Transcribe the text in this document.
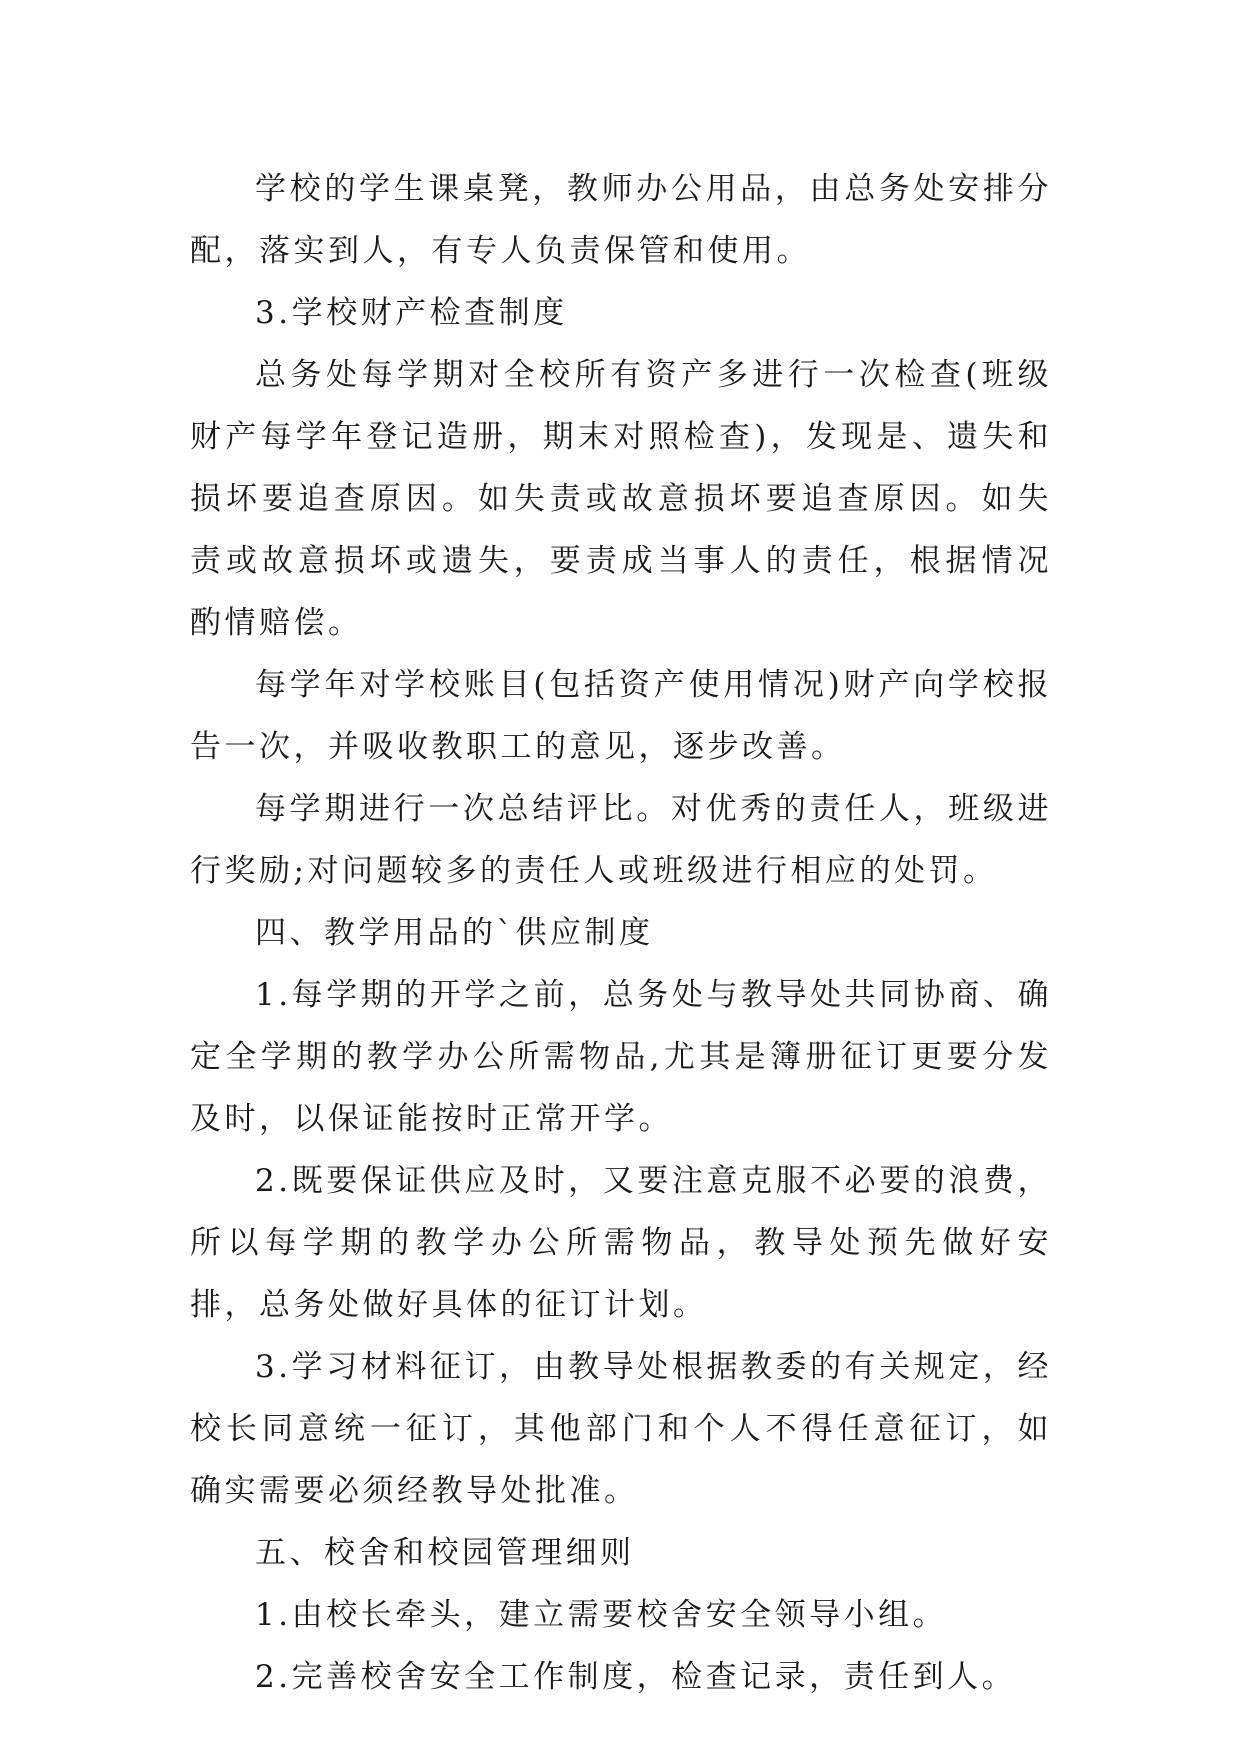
学校的学生课桌凳，教师办公用品，由总务处安排分配，落实到人，有专人负责保管和使用。

3.学校财产检查制度

总务处每学期对全校所有资产多进行一次检查(班级财产每学年登记造册，期末对照检查)，发现是、遗失和损坏要追查原因。如失责或故意损坏要追查原因。如失责或故意损坏或遗失，要责成当事人的责任，根据情况酌情赔偿。

每学年对学校账目(包括资产使用情况)财产向学校报告一次，并吸收教职工的意见，逐步改善。

每学期进行一次总结评比。对优秀的责任人，班级进行奖励;对问题较多的责任人或班级进行相应的处罚。

四、教学用品的`供应制度

1.每学期的开学之前，总务处与教导处共同协商、确定全学期的教学办公所需物品,尤其是簿册征订更要分发及时，以保证能按时正常开学。

2.既要保证供应及时，又要注意克服不必要的浪费，所以每学期的教学办公所需物品，教导处预先做好安排，总务处做好具体的征订计划。

3.学习材料征订，由教导处根据教委的有关规定，经校长同意统一征订，其他部门和个人不得任意征订，如确实需要必须经教导处批准。

五、校舍和校园管理细则

1.由校长牵头，建立需要校舍安全领导小组。

2.完善校舍安全工作制度，检查记录，责任到人。
